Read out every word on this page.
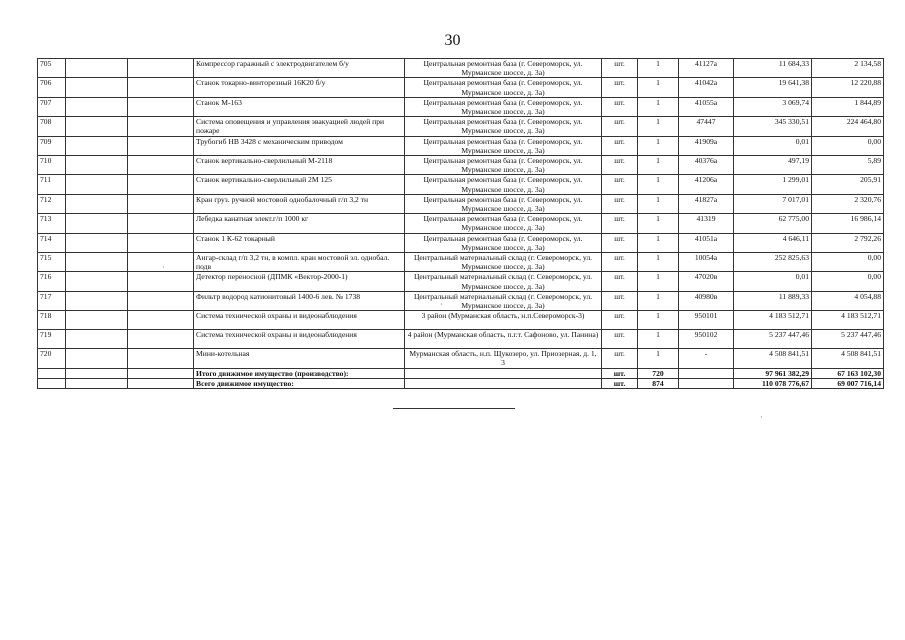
30
705			Компрессор гаражный с электродвигателем б/у	Центральная ремонтная база (г. Североморск, ул. Мурманское шоссе, д. 3а)	шт.	1	41127а	11 684,33	2 134,58
706			Станок токарно-винторезный 16К20 б/у	Центральная ремонтная база (г. Североморск, ул. Мурманское шоссе, д. 3а)	шт.	1	41042а	19 641,38	12 220,88
707			Станок М-163	Центральная ремонтная база (г. Североморск, ул. Мурманское шоссе, д. 3а)	шт.	1	41055а	3 069,74	1 844,89
708			Система оповещения и управления эвакуацией людей при пожаре	Центральная ремонтная база (г. Североморск, ул. Мурманское шоссе, д. 3а)	шт.	1	47447	345 330,51	224 464,80
709			Трубогиб НВ 3428 с механическим приводом	Центральная ремонтная база (г. Североморск, ул. Мурманское шоссе, д. 3а)	шт.	1	41909а	0,01	0,00
710			Станок вертикально-сверлильный М-2118	Центральная ремонтная база (г. Североморск, ул. Мурманское шоссе, д. 3а)	шт.	1	40376а	497,19	5,89
711			Станок вертикально-сверлильный 2М 125	Центральная ремонтная база (г. Североморск, ул. Мурманское шоссе, д. 3а)	шт.	1	41206а	1 299,01	205,91
712			Кран груз. ручной мостовой однобалочный г/п 3,2 тн	Центральная ремонтная база (г. Североморск, ул. Мурманское шоссе, д. 3а)	шт.	1	41827а	7 017,01	2 320,76
713			Лебедка канатная элект.г/п 1000 кг	Центральная ремонтная база (г. Североморск, ул. Мурманское шоссе, д. 3а)	шт.	1	41319	62 775,00	16 986,14
714			Станок 1 К-62 токарный	Центральная ремонтная база (г. Североморск, ул. Мурманское шоссе, д. 3а)	шт.	1	41051а	4 646,11	2 792,26
715			Ангар-склад г/п 3,2 тн, в компл. кран мостовой эл. однобал. подв	Центральный материальный склад (г. Североморск, ул. Мурманское шоссе, д. 3а)	шт.	1	10054а	252 825,63	0,00
716			Детектор переносной (ДПМК «Вектор-2000-1)	Центральный материальный склад (г. Североморск, ул. Мурманское шоссе, д. 3а)	шт.	1	47020в	0,01	0,00
717			Фильтр водород катионитовый 1400-6 лев. № 1738	Центральный материальный склад (г. Североморск, ул. Мурманское шоссе, д. 3а)	шт.	1	40980в	11 889,33	4 054,88
718			Система технической охраны и видеонаблюдения	3 район (Мурманская область, н.п.Североморск-3)	шт.	1	950101	4 183 512,71	4 183 512,71
719			Система технической охраны и видеонаблюдения	4 район (Мурманская область, п.г.т. Сафоново, ул. Панина)	шт.	1	950102	5 237 447,46	5 237 447,46
720			Мини-котельная	Мурманская область, н.п. Щукозеро, ул. Приозерная, д. 1, 3	шт.	1	-	4 508 841,51	4 508 841,51
			Итого движимое имущество (производство):		шт.	720		97 961 382,29	67 163 102,30
			Всего движимое имущество:		шт.	874		110 078 776,67	69 007 716,14
·
·
·
